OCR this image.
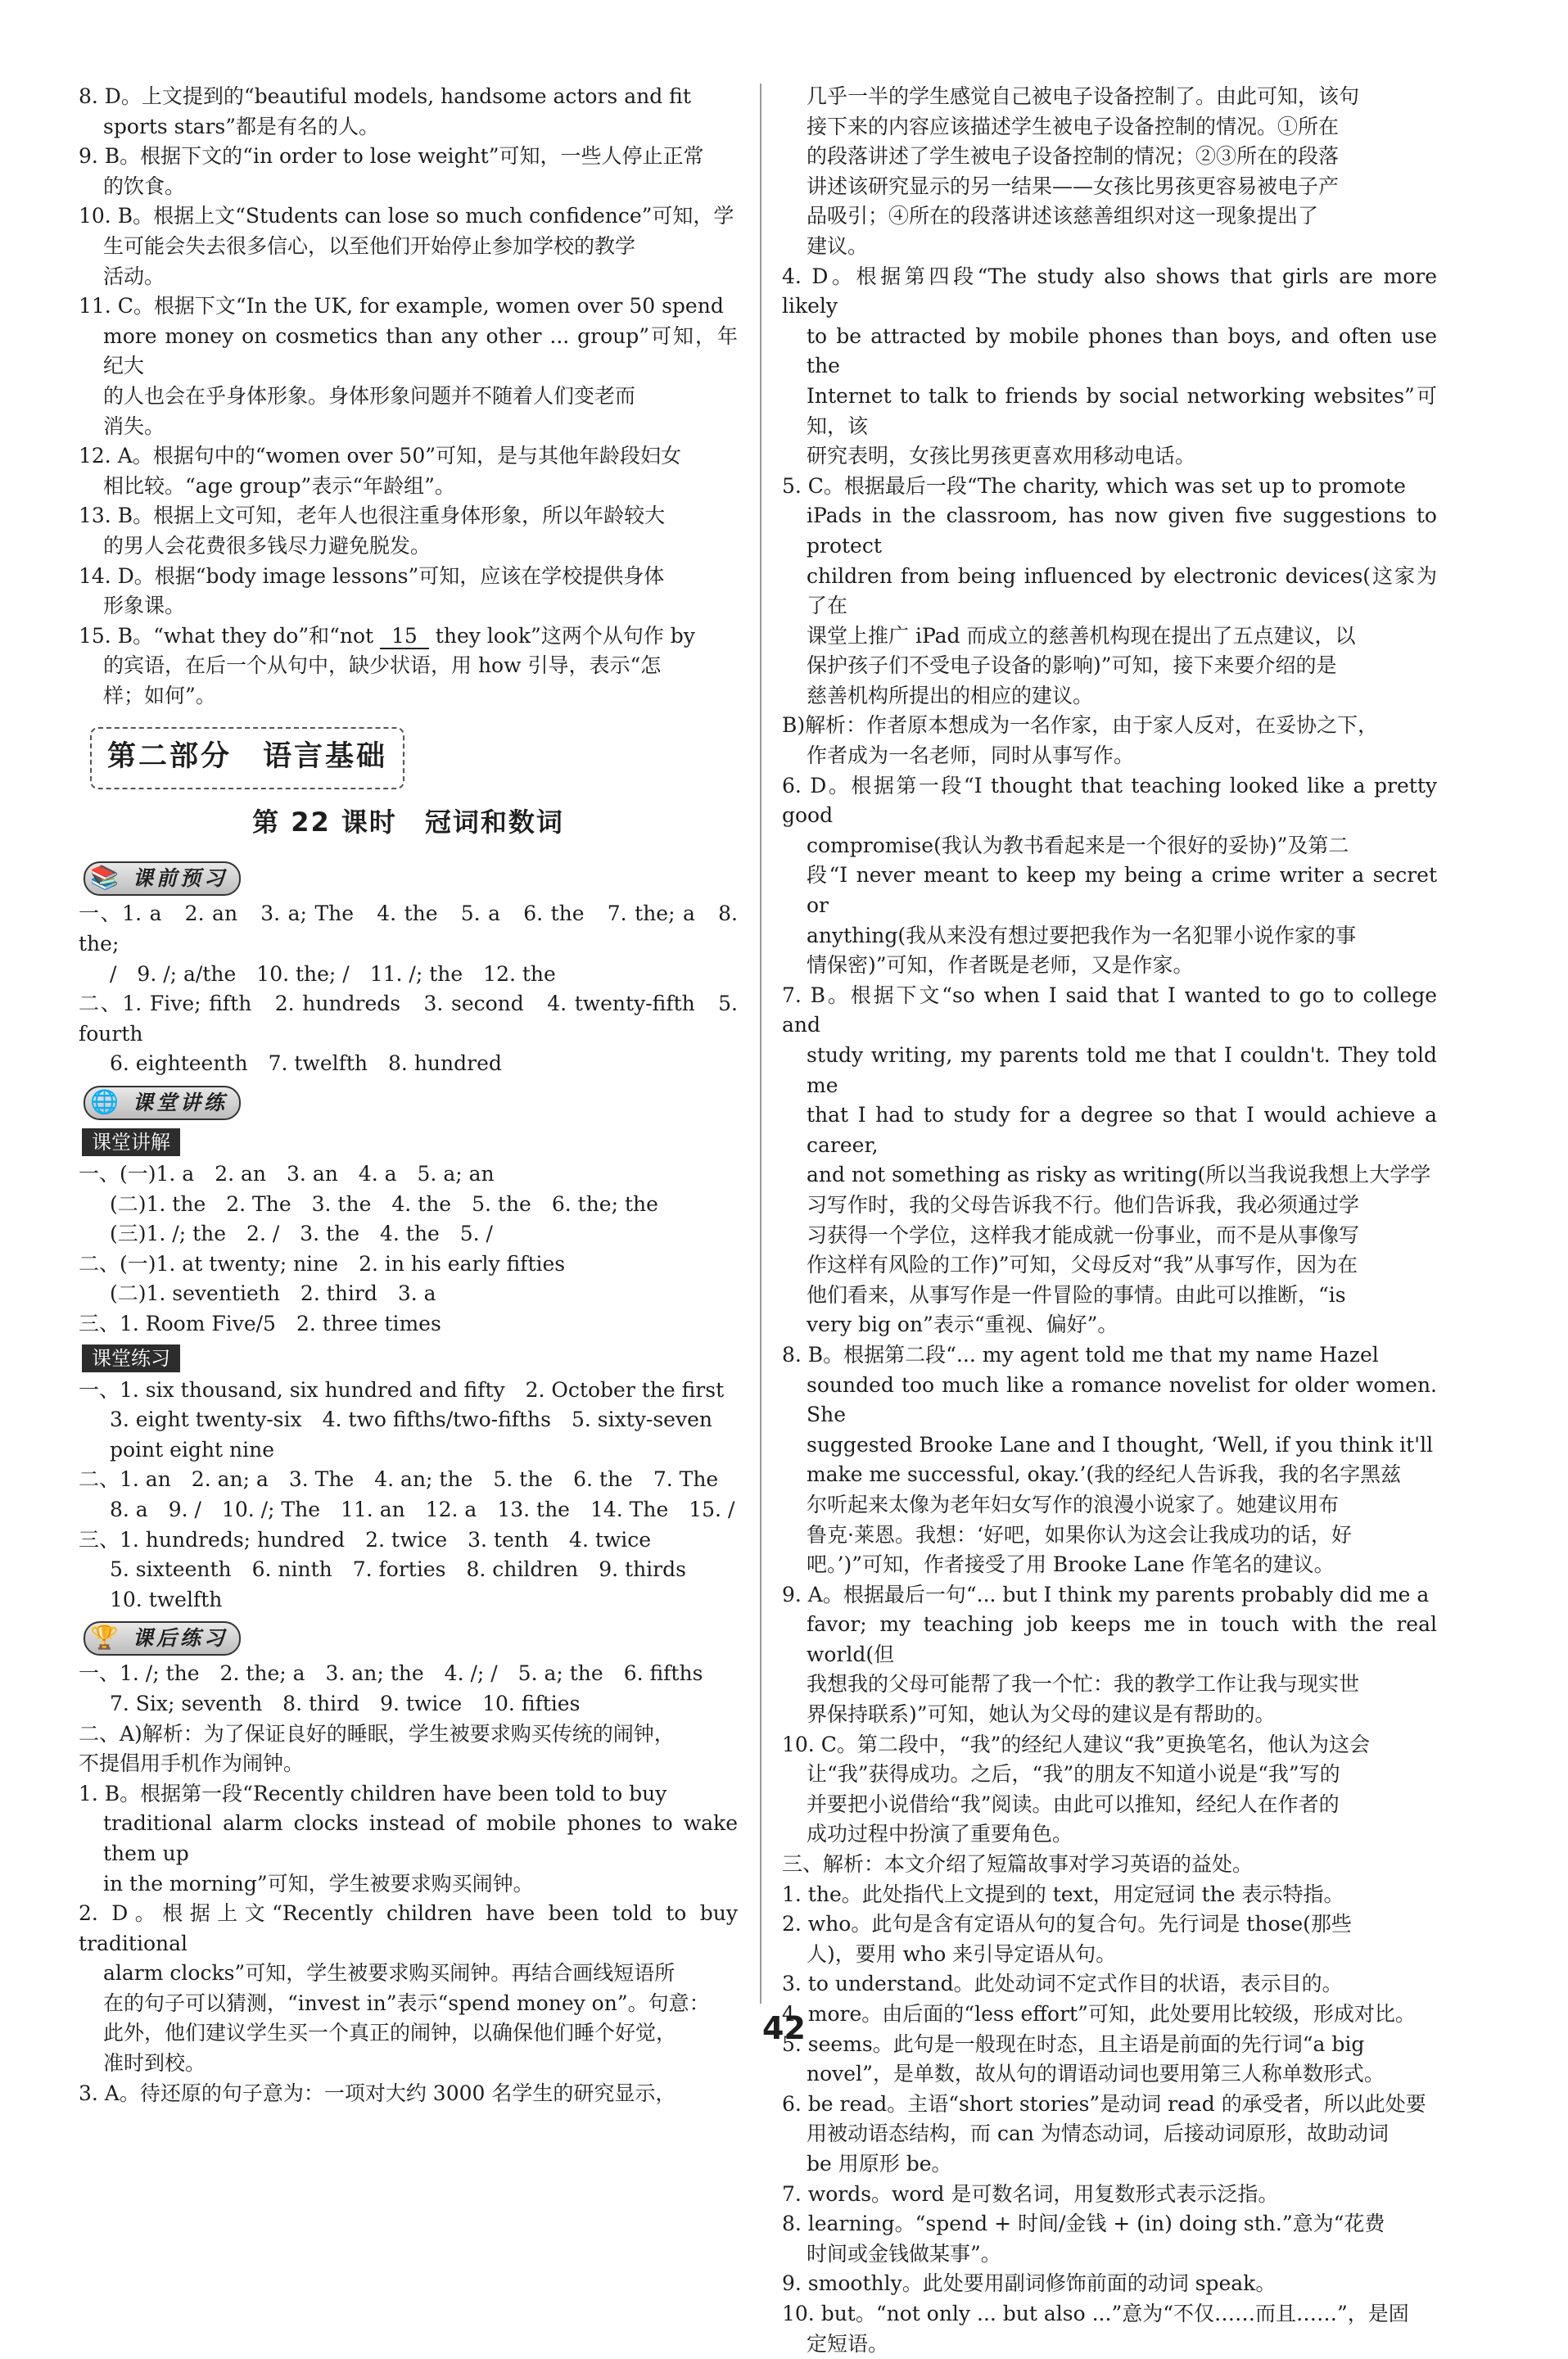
8. D。上文提到的“beautiful models, handsome actors and fit

sports stars”都是有名的人。

9. B。根据下文的“in order to lose weight”可知，一些人停止正常

的饮食。

10. B。根据上文“Students can lose so much confidence”可知，学

生可能会失去很多信心，以至他们开始停止参加学校的教学

活动。

11. C。根据下文“In the UK, for example, women over 50 spend

more money on cosmetics than any other ... group”可知，年纪大

的人也会在乎身体形象。身体形象问题并不随着人们变老而

消失。

12. A。根据句中的“women over 50”可知，是与其他年龄段妇女

相比较。“age group”表示“年龄组”。

13. B。根据上文可知，老年人也很注重身体形象，所以年龄较大

的男人会花费很多钱尽力避免脱发。

14. D。根据“body image lessons”可知，应该在学校提供身体

形象课。

15. B。“what they do”和“not 15 they look”这两个从句作 by

的宾语，在后一个从句中，缺少状语，用 how 引导，表示“怎

样；如何”。

第二部分　语言基础
第 22 课时　冠词和数词
📚 课前预习

一、1. a　2. an　3. a; The　4. the　5. a　6. the　7. the; a　8. the;

/　9. /; a/the　10. the; /　11. /; the　12. the

二、1. Five; fifth　2. hundreds　3. second　4. twenty-fifth　5. fourth

6. eighteenth　7. twelfth　8. hundred

🌐 课堂讲练
课堂讲解

一、(一)1. a　2. an　3. an　4. a　5. a; an

(二)1. the　2. The　3. the　4. the　5. the　6. the; the

(三)1. /; the　2. /　3. the　4. the　5. /

二、(一)1. at twenty; nine　2. in his early fifties

(二)1. seventieth　2. third　3. a

三、1. Room Five/5　2. three times

课堂练习

一、1. six thousand, six hundred and fifty　2. October the first

3. eight twenty-six　4. two fifths/two-fifths　5. sixty-seven

point eight nine

二、1. an　2. an; a　3. The　4. an; the　5. the　6. the　7. The

8. a　9. /　10. /; The　11. an　12. a　13. the　14. The　15. /

三、1. hundreds; hundred　2. twice　3. tenth　4. twice

5. sixteenth　6. ninth　7. forties　8. children　9. thirds

10. twelfth

🏆 课后练习

一、1. /; the　2. the; a　3. an; the　4. /; /　5. a; the　6. fifths

7. Six; seventh　8. third　9. twice　10. fifties

二、A)解析：为了保证良好的睡眠，学生被要求购买传统的闹钟，

不提倡用手机作为闹钟。

1. B。根据第一段“Recently children have been told to buy

traditional alarm clocks instead of mobile phones to wake them up

in the morning”可知，学生被要求购买闹钟。

2. D。根据上文“Recently children have been told to buy traditional

alarm clocks”可知，学生被要求购买闹钟。再结合画线短语所

在的句子可以猜测，“invest in”表示“spend money on”。句意：

此外，他们建议学生买一个真正的闹钟，以确保他们睡个好觉，

准时到校。

3. A。待还原的句子意为：一项对大约 3000 名学生的研究显示，

几乎一半的学生感觉自己被电子设备控制了。由此可知，该句

接下来的内容应该描述学生被电子设备控制的情况。①所在

的段落讲述了学生被电子设备控制的情况；②③所在的段落

讲述该研究显示的另一结果——女孩比男孩更容易被电子产

品吸引；④所在的段落讲述该慈善组织对这一现象提出了

建议。

4. D。根据第四段“The study also shows that girls are more likely

to be attracted by mobile phones than boys, and often use the

Internet to talk to friends by social networking websites”可知，该

研究表明，女孩比男孩更喜欢用移动电话。

5. C。根据最后一段“The charity, which was set up to promote

iPads in the classroom, has now given five suggestions to protect

children from being influenced by electronic devices(这家为了在

课堂上推广 iPad 而成立的慈善机构现在提出了五点建议，以

保护孩子们不受电子设备的影响)”可知，接下来要介绍的是

慈善机构所提出的相应的建议。

B)解析：作者原本想成为一名作家，由于家人反对，在妥协之下，

作者成为一名老师，同时从事写作。

6. D。根据第一段“I thought that teaching looked like a pretty good

compromise(我认为教书看起来是一个很好的妥协)”及第二

段“I never meant to keep my being a crime writer a secret or

anything(我从来没有想过要把我作为一名犯罪小说作家的事

情保密)”可知，作者既是老师，又是作家。

7. B。根据下文“so when I said that I wanted to go to college and

study writing, my parents told me that I couldn't. They told me

that I had to study for a degree so that I would achieve a career,

and not something as risky as writing(所以当我说我想上大学学

习写作时，我的父母告诉我不行。他们告诉我，我必须通过学

习获得一个学位，这样我才能成就一份事业，而不是从事像写

作这样有风险的工作)”可知，父母反对“我”从事写作，因为在

他们看来，从事写作是一件冒险的事情。由此可以推断，“is

very big on”表示“重视、偏好”。

8. B。根据第二段“... my agent told me that my name Hazel

sounded too much like a romance novelist for older women. She

suggested Brooke Lane and I thought, ‘Well, if you think it'll

make me successful, okay.’(我的经纪人告诉我，我的名字黑兹

尔听起来太像为老年妇女写作的浪漫小说家了。她建议用布

鲁克·莱恩。我想：‘好吧，如果你认为这会让我成功的话，好

吧。’)”可知，作者接受了用 Brooke Lane 作笔名的建议。

9. A。根据最后一句“... but I think my parents probably did me a

favor; my teaching job keeps me in touch with the real world(但

我想我的父母可能帮了我一个忙：我的教学工作让我与现实世

界保持联系)”可知，她认为父母的建议是有帮助的。

10. C。第二段中，“我”的经纪人建议“我”更换笔名，他认为这会

让“我”获得成功。之后，“我”的朋友不知道小说是“我”写的

并要把小说借给“我”阅读。由此可以推知，经纪人在作者的

成功过程中扮演了重要角色。

三、解析：本文介绍了短篇故事对学习英语的益处。

1. the。此处指代上文提到的 text，用定冠词 the 表示特指。

2. who。此句是含有定语从句的复合句。先行词是 those(那些

人)，要用 who 来引导定语从句。

3. to understand。此处动词不定式作目的状语，表示目的。

4. more。由后面的“less effort”可知，此处要用比较级，形成对比。

5. seems。此句是一般现在时态，且主语是前面的先行词“a big

novel”，是单数，故从句的谓语动词也要用第三人称单数形式。

6. be read。主语“short stories”是动词 read 的承受者，所以此处要

用被动语态结构，而 can 为情态动词，后接动词原形，故助动词

be 用原形 be。

7. words。word 是可数名词，用复数形式表示泛指。

8. learning。“spend + 时间/金钱 + (in) doing sth.”意为“花费

时间或金钱做某事”。

9. smoothly。此处要用副词修饰前面的动词 speak。

10. but。“not only ... but also ...”意为“不仅……而且……”，是固

定短语。

42
